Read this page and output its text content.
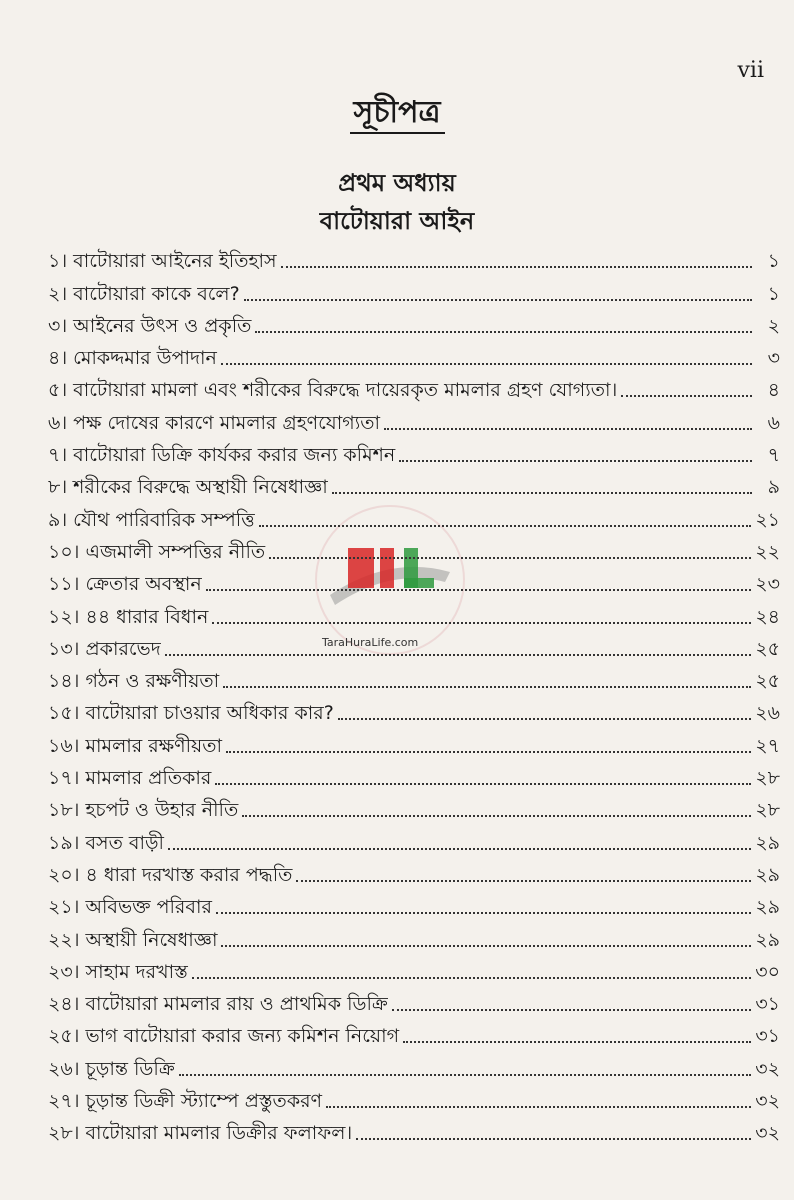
vii
সূচীপত্র
প্রথম অধ্যায়
বাটোয়ারা আইন
TaraHuraLife.com
১। বাটোয়ারা আইনের ইতিহাস	১
২। বাটোয়ারা কাকে বলে?	১
৩। আইনের উৎস ও প্রকৃতি	২
৪। মোকদ্দমার উপাদান	৩
৫। বাটোয়ারা মামলা এবং শরীকের বিরুদ্ধে দায়েরকৃত মামলার গ্রহণ যোগ্যতা।	৪
৬। পক্ষ দোষের কারণে মামলার গ্রহণযোগ্যতা	৬
৭। বাটোয়ারা ডিক্রি কার্যকর করার জন্য কমিশন	৭
৮। শরীকের বিরুদ্ধে অস্থায়ী নিষেধাজ্ঞা	৯
৯। যৌথ পারিবারিক সম্পত্তি	২১
১০। এজমালী সম্পত্তির নীতি	২২
১১। ক্রেতার অবস্থান	২৩
১২। ৪৪ ধারার বিধান	২৪
১৩। প্রকারভেদ	২৫
১৪। গঠন ও রক্ষণীয়তা	২৫
১৫। বাটোয়ারা চাওয়ার অধিকার কার?	২৬
১৬। মামলার রক্ষণীয়তা	২৭
১৭। মামলার প্রতিকার	২৮
১৮। হচপট ও উহার নীতি	২৮
১৯। বসত বাড়ী	২৯
২০। ৪ ধারা দরখাস্ত করার পদ্ধতি	২৯
২১। অবিভক্ত পরিবার	২৯
২২। অস্থায়ী নিষেধাজ্ঞা	২৯
২৩। সাহাম দরখাস্ত	৩০
২৪। বাটোয়ারা মামলার রায় ও প্রাথমিক ডিক্রি	৩১
২৫। ভাগ বাটোয়ারা করার জন্য কমিশন নিয়োগ	৩১
২৬। চূড়ান্ত ডিক্রি	৩২
২৭। চূড়ান্ত ডিক্রী স্ট্যাম্পে প্রস্তুতকরণ	৩২
২৮। বাটোয়ারা মামলার ডিক্রীর ফলাফল।	৩২
